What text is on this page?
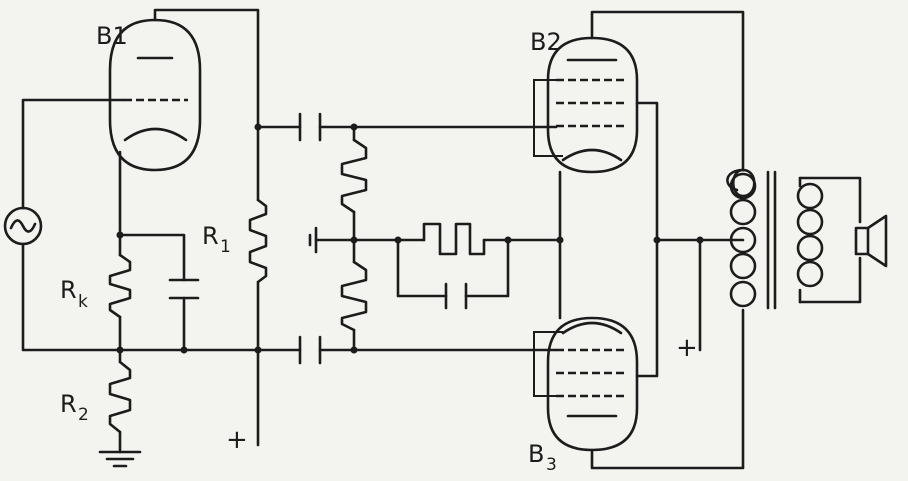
B1	B2
B 3
R 1
R k
R 2
+
+
